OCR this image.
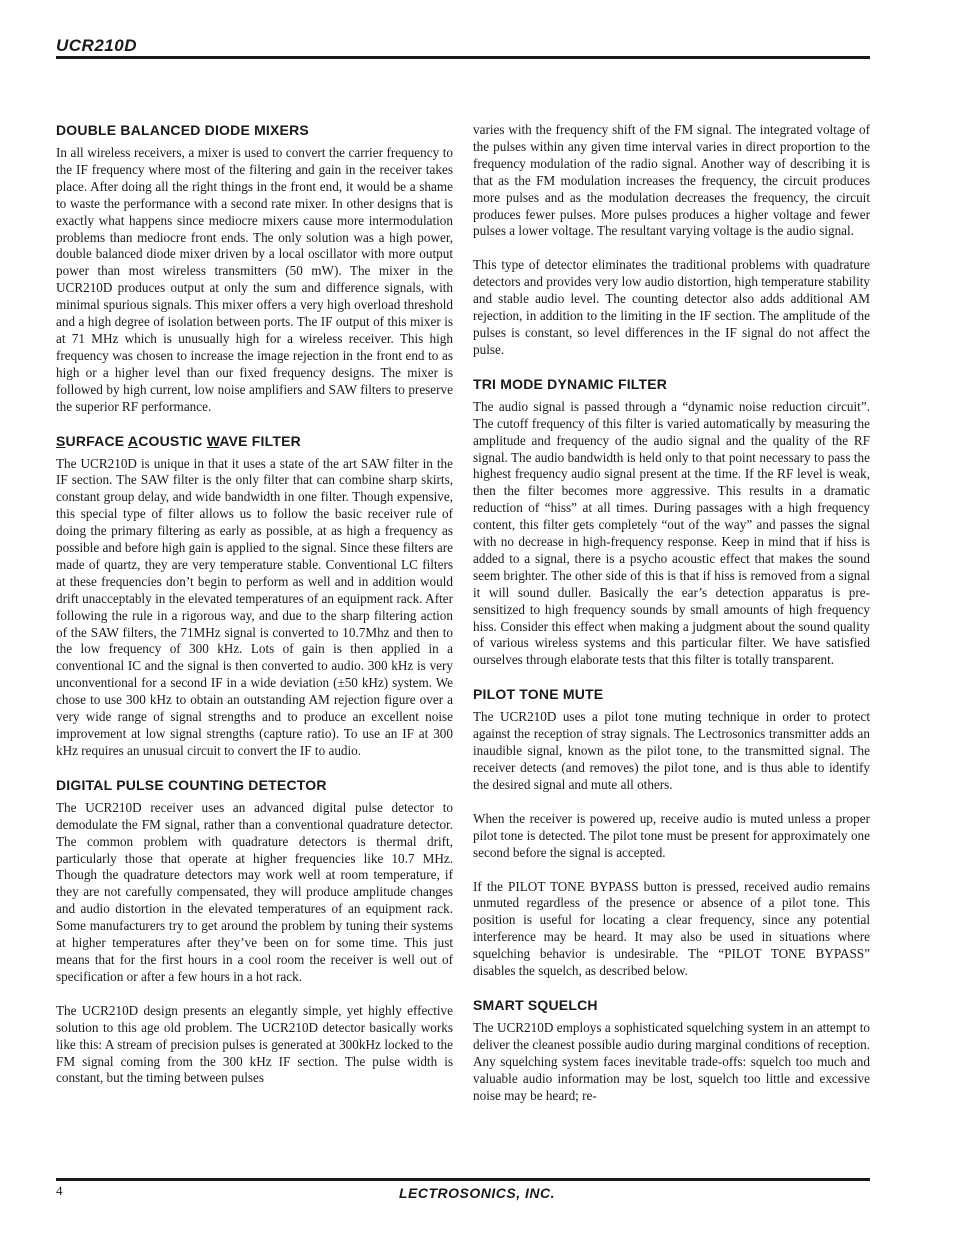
UCR210D
DOUBLE BALANCED DIODE MIXERS

In all wireless receivers, a mixer is used to convert the carrier frequency to the IF frequency where most of the filtering and gain in the receiver takes place. After doing all the right things in the front end, it would be a shame to waste the performance with a second rate mixer. In other designs that is exactly what happens since mediocre mixers cause more intermodulation problems than mediocre front ends. The only solution was a high power, double balanced diode mixer driven by a local oscillator with more output power than most wireless transmitters (50 mW). The mixer in the UCR210D produces output at only the sum and difference signals, with minimal spurious signals. This mixer offers a very high overload threshold and a high degree of isolation between ports. The IF output of this mixer is at 71 MHz which is unusually high for a wireless receiver. This high frequency was chosen to increase the image rejection in the front end to as high or a higher level than our fixed frequency designs. The mixer is followed by high current, low noise amplifiers and SAW filters to preserve the superior RF performance.

SURFACE ACOUSTIC WAVE FILTER

The UCR210D is unique in that it uses a state of the art SAW filter in the IF section. The SAW filter is the only filter that can combine sharp skirts, constant group delay, and wide bandwidth in one filter. Though expensive, this special type of filter allows us to follow the basic receiver rule of doing the primary filtering as early as possible, at as high a frequency as possible and before high gain is applied to the signal. Since these filters are made of quartz, they are very temperature stable. Conventional LC filters at these frequencies don’t begin to perform as well and in addition would drift unacceptably in the elevated temperatures of an equipment rack. After following the rule in a rigorous way, and due to the sharp filtering action of the SAW filters, the 71MHz signal is converted to 10.7Mhz and then to the low frequency of 300 kHz. Lots of gain is then applied in a conventional IC and the signal is then converted to audio. 300 kHz is very unconventional for a second IF in a wide deviation (±50 kHz) system. We chose to use 300 kHz to obtain an outstanding AM rejection figure over a very wide range of signal strengths and to produce an excellent noise improvement at low signal strengths (capture ratio). To use an IF at 300 kHz requires an unusual circuit to convert the IF to audio.

DIGITAL PULSE COUNTING DETECTOR

The UCR210D receiver uses an advanced digital pulse detector to demodulate the FM signal, rather than a conventional quadrature detector. The common problem with quadrature detectors is thermal drift, particularly those that operate at higher frequencies like 10.7 MHz. Though the quadrature detectors may work well at room temperature, if they are not carefully compensated, they will produce amplitude changes and audio distortion in the elevated temperatures of an equipment rack. Some manufacturers try to get around the problem by tuning their systems at higher temperatures after they’ve been on for some time. This just means that for the first hours in a cool room the receiver is well out of specification or after a few hours in a hot rack.

The UCR210D design presents an elegantly simple, yet highly effective solution to this age old problem. The UCR210D detector basically works like this: A stream of precision pulses is generated at 300kHz locked to the FM signal coming from the 300 kHz IF section. The pulse width is constant, but the timing between pulses

varies with the frequency shift of the FM signal. The integrated voltage of the pulses within any given time interval varies in direct proportion to the frequency modulation of the radio signal. Another way of describing it is that as the FM modulation increases the frequency, the circuit produces more pulses and as the modulation decreases the frequency, the circuit produces fewer pulses. More pulses produces a higher voltage and fewer pulses a lower voltage. The resultant varying voltage is the audio signal.

This type of detector eliminates the traditional problems with quadrature detectors and provides very low audio distortion, high temperature stability and stable audio level. The counting detector also adds additional AM rejection, in addition to the limiting in the IF section. The amplitude of the pulses is constant, so level differences in the IF signal do not affect the pulse.

TRI MODE DYNAMIC FILTER

The audio signal is passed through a “dynamic noise reduction circuit”. The cutoff frequency of this filter is varied automatically by measuring the amplitude and frequency of the audio signal and the quality of the RF signal. The audio bandwidth is held only to that point necessary to pass the highest frequency audio signal present at the time. If the RF level is weak, then the filter becomes more aggressive. This results in a dramatic reduction of “hiss” at all times. During passages with a high frequency content, this filter gets completely “out of the way” and passes the signal with no decrease in high-frequency response. Keep in mind that if hiss is added to a signal, there is a psycho acoustic effect that makes the sound seem brighter. The other side of this is that if hiss is removed from a signal it will sound duller. Basically the ear’s detection apparatus is pre-sensitized to high frequency sounds by small amounts of high frequency hiss. Consider this effect when making a judgment about the sound quality of various wireless systems and this particular filter. We have satisfied ourselves through elaborate tests that this filter is totally transparent.

PILOT TONE MUTE

The UCR210D uses a pilot tone muting technique in order to protect against the reception of stray signals. The Lectrosonics transmitter adds an inaudible signal, known as the pilot tone, to the transmitted signal. The receiver detects (and removes) the pilot tone, and is thus able to identify the desired signal and mute all others.

When the receiver is powered up, receive audio is muted unless a proper pilot tone is detected. The pilot tone must be present for approximately one second before the signal is accepted.

If the PILOT TONE BYPASS button is pressed, received audio remains unmuted regardless of the presence or absence of a pilot tone. This position is useful for locating a clear frequency, since any potential interference may be heard. It may also be used in situations where squelching behavior is undesirable. The “PILOT TONE BYPASS” disables the squelch, as described below.

SMART SQUELCH

The UCR210D employs a sophisticated squelching system in an attempt to deliver the cleanest possible audio during marginal conditions of reception. Any squelching system faces inevitable trade-offs: squelch too much and valuable audio information may be lost, squelch too little and excessive noise may be heard; re-

4	LECTROSONICS, INC.
